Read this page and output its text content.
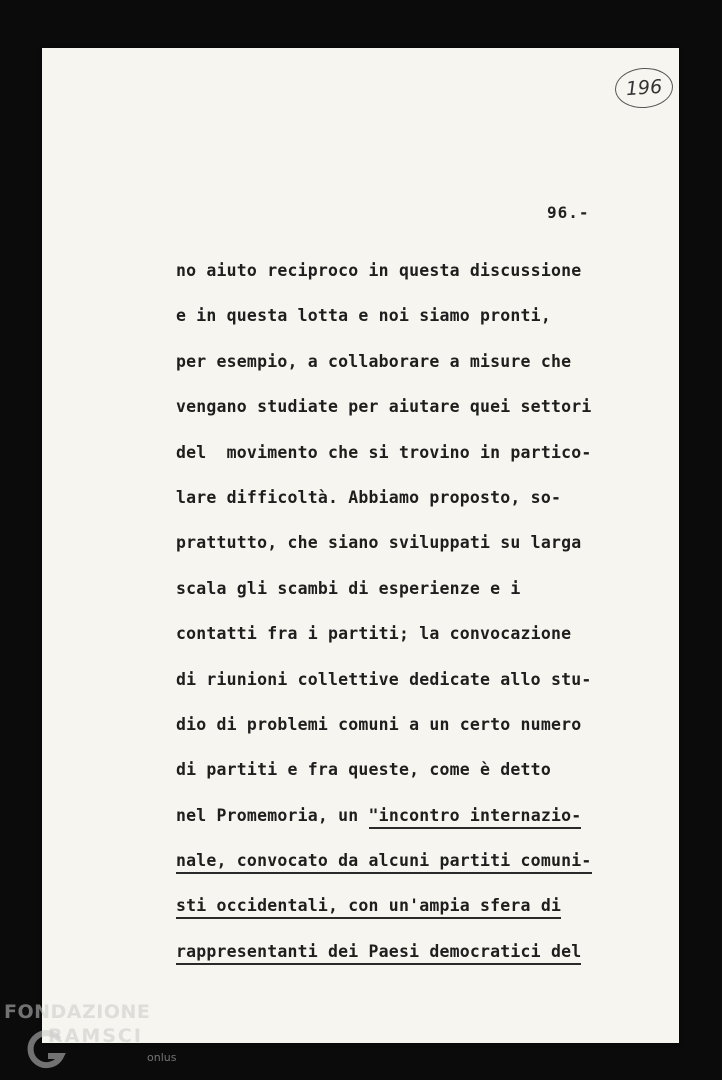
196
96.-
no aiuto reciproco in questa discussione
e in questa lotta e noi siamo pronti,
per esempio, a collaborare a misure che
vengano studiate per aiutare quei settori
del  movimento che si trovino in partico-
lare difficoltà. Abbiamo proposto, so-
prattutto, che siano sviluppati su larga
scala gli scambi di esperienze e i
contatti fra i partiti; la convocazione
di riunioni collettive dedicate allo stu-
dio di problemi comuni a un certo numero
di partiti e fra queste, come è detto
nel Promemoria, un "incontro internazio-
nale, convocato da alcuni partiti comuni-
sti occidentali, con un'ampia sfera di
rappresentanti dei Paesi democratici del
FONDAZIONE
RAMSCI
onlus
